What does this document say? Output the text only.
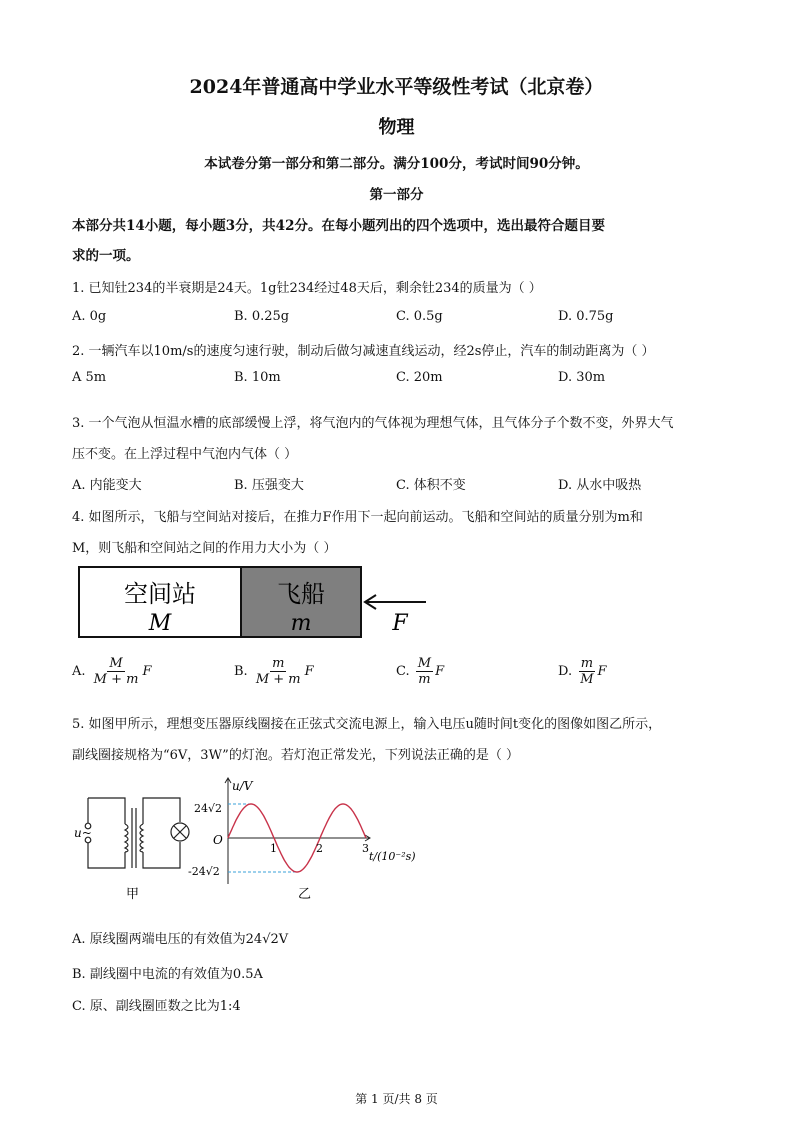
2024年普通高中学业水平等级性考试（北京卷）
物理
本试卷分第一部分和第二部分。满分100分，考试时间90分钟。
第一部分
本部分共14小题，每小题3分，共42分。在每小题列出的四个选项中，选出最符合题目要
求的一项。
1. 已知钍234的半衰期是24天。1g钍234经过48天后，剩余钍234的质量为（ ）
A. 0g	B. 0.25g	C. 0.5g	D. 0.75g
2. 一辆汽车以10m/s的速度匀速行驶，制动后做匀减速直线运动，经2s停止，汽车的制动距离为（ ）
A 5m	B. 10m	C. 20m	D. 30m
3. 一个气泡从恒温水槽的底部缓慢上浮，将气泡内的气体视为理想气体，且气体分子个数不变，外界大气
压不变。在上浮过程中气泡内气体（ ）
A. 内能变大	B. 压强变大	C. 体积不变	D. 从水中吸热
4. 如图所示，飞船与空间站对接后，在推力F作用下一起向前运动。飞船和空间站的质量分别为m和
M，则飞船和空间站之间的作用力大小为（ ）
空间站
M
飞船
m	F
A. $\frac{M}{M + m}$ F	B. $\frac{m}{M + m}$ F	C. $\frac{M}{m}$ F	D. $\frac{m}{M}$ F
5. 如图甲所示，理想变压器原线圈接在正弦式交流电源上，输入电压u随时间t变化的图像如图乙所示，
副线圈接规格为“6V，3W”的灯泡。若灯泡正常发光，下列说法正确的是（ ）
u~
甲
1	2	3
u/V
O
24√2
-24√2
t/(10⁻²s)
乙
A. 原线圈两端电压的有效值为24√2V
B. 副线圈中电流的有效值为0.5A
C. 原、副线圈匝数之比为1:4
第 1 页/共 8 页
